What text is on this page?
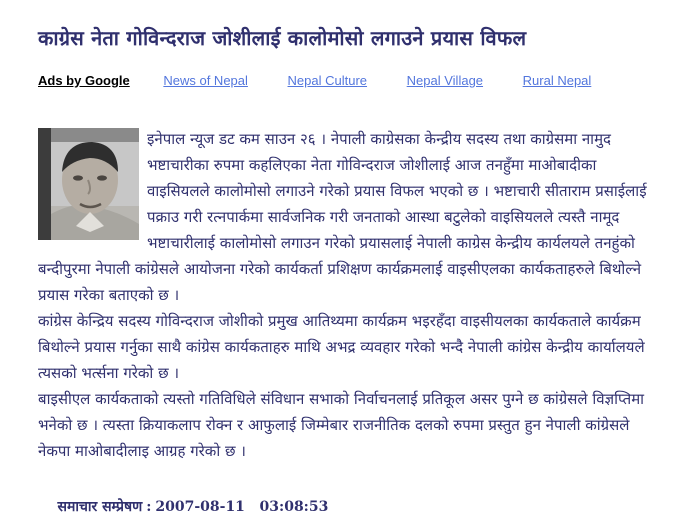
काग्रेस नेता गोविन्दराज जोशीलाई कालोमोसो लगाउने प्रयास विफल
Ads by Google	News of Nepal	Nepal Culture	Nepal Village	Rural Nepal

इनेपाल न्यूज डट कम साउन २६ । नेपाली काग्रेसका केन्द्रीय सदस्य तथा काग्रेसमा नामुद भष्टाचारीका रुपमा कहलिएका नेता गोविन्दराज जोशीलाई आज तनहुँमा माओबादीका वाइसियलले कालोमोसो लगाउने गरेको प्रयास विफल भएको छ । भष्टाचारी सीताराम प्रसाईलाई पक्राउ गरी रत्नपार्कमा सार्वजनिक गरी जनताको आस्था बटुलेको वाइसियलले त्यस्तै नामूद भष्टाचारीलाई कालोमोसो लगाउन गरेको प्रयासलाई नेपाली काग्रेस केन्द्रीय कार्यलयले तनहुंको बन्दीपुरमा नेपाली कांग्रेसले आयोजना गरेको कार्यकर्ता प्रशिक्षण कार्यक्रमलाई वाइसीएलका कार्यकताहरुले बिथोल्ने प्रयास गरेका बताएको छ ।

कांग्रेस केन्द्रिय सदस्य गोविन्दराज जोशीको प्रमुख आतिथ्यमा कार्यक्रम भइरहँदा वाइसीयलका कार्यकताले कार्यक्रम बिथोल्ने प्रयास गर्नुका साथै कांग्रेस कार्यकताहरु माथि अभद्र व्यवहार गरेको भन्दै नेपाली कांग्रेस केन्द्रीय कार्यालयले त्यसको भर्त्सना गरेको छ ।

बाइसीएल कार्यकताको त्यस्तो गतिविधिले संविधान सभाको निर्वाचनलाई प्रतिकूल असर पुग्ने छ कांग्रेसले विज्ञप्तिमा भनेको छ । त्यस्ता क्रियाकलाप रोक्न र आफुलाई जिम्मेबार राजनीतिक दलको रुपमा प्रस्तुत हुन नेपाली कांग्रेसले नेकपा माओबादीलाइ आग्रह गरेको छ ।

समाचार सम्प्रेषण : 2007-08-11   03:08:53
